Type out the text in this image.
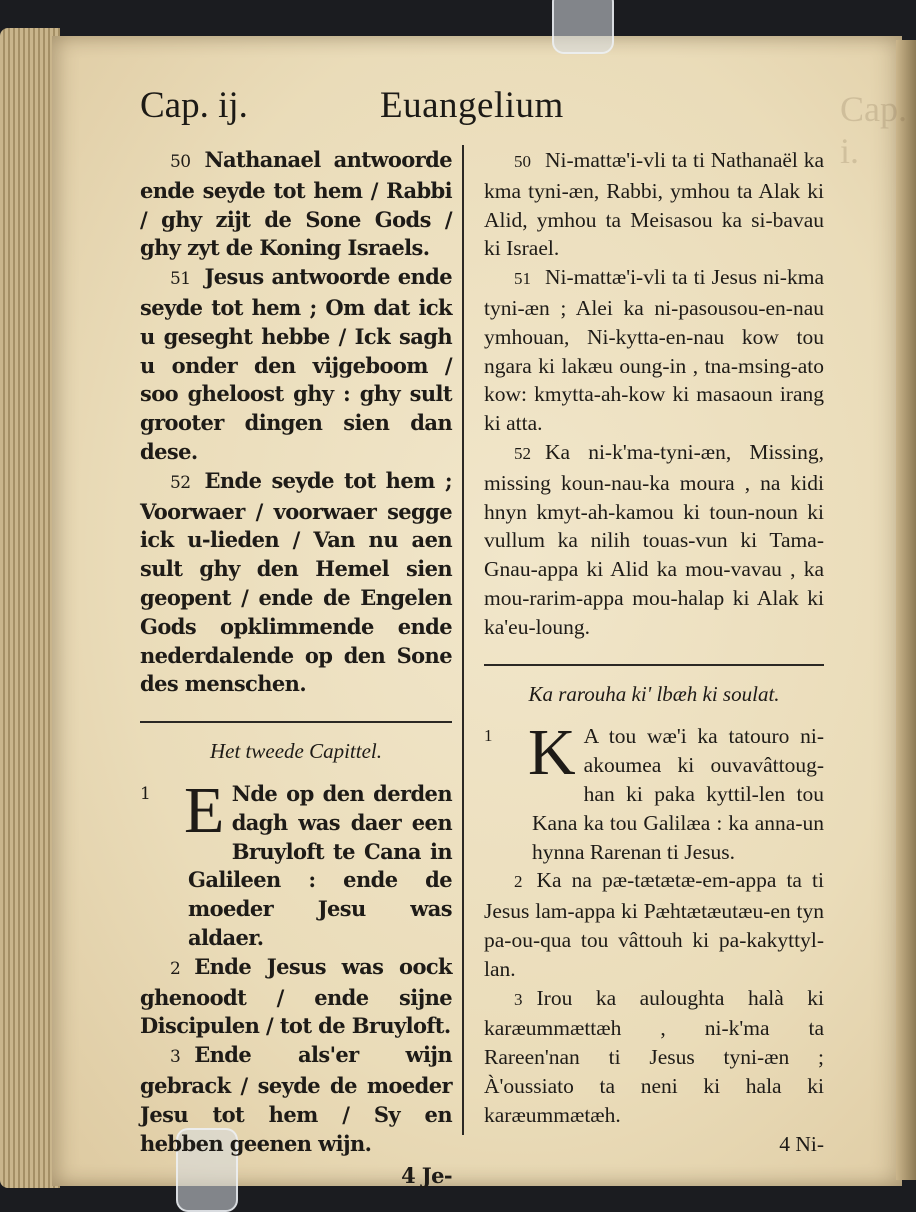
Cap. ij.	Euangelium	Cap. i.

50 Nathanael antwoorde ende seyde tot hem / Rabbi / ghy zijt de Sone Gods / ghy zyt de Koning Israels.

51 Jesus antwoorde ende seyde tot hem ; Om dat ick u geseght hebbe / Ick sagh u onder den vijgeboom / soo gheloost ghy : ghy sult grooter dingen sien dan dese.

52 Ende seyde tot hem ; Voorwaer / voorwaer segge ick u-lieden / Van nu aen sult ghy den Hemel sien geopent / ende de Engelen Gods opklimmende ende nederdalende op den Sone des menschen.

Het tweede Capittel.

1 E Nde op den derden dagh was daer een Bruyloft te Cana in Galileen : ende de moeder Jesu was aldaer.

2 Ende Jesus was oock ghenoodt / ende sijne Discipulen / tot de Bruyloft.

3 Ende als'er wijn gebrack / seyde de moeder Jesu tot hem / Sy en hebben geenen wijn.

4 Je-

50 Ni-mattæ'i-vli ta ti Nathanaël ka kma tyni-æn, Rabbi, ymhou ta Alak ki Alid, ymhou ta Meisasou ka si-bavau ki Israel.

51 Ni-mattæ'i-vli ta ti Jesus ni-kma tyni-æn ; Alei ka ni-pasousou-en-nau ymhouan, Ni-kytta-en-nau kow tou ngara ki lakæu oung-in , tna-msing-ato kow: kmytta-ah-kow ki masaoun irang ki atta.

52 Ka ni-k'ma-tyni-æn, Missing, missing koun-nau-ka moura , na kidi hnyn kmyt-ah-kamou ki toun-noun ki vullum ka nilih touas-vun ki Tama-Gnau-appa ki Alid ka mou-vavau , ka mou-rarim-appa mou-halap ki Alak ki ka'eu-loung.

Ka rarouha ki' lbæh ki soulat.

1 K A tou wæ'i ka tatouro ni-akoumea ki ouvavâttoug-han ki paka kyttil-len tou Kana ka tou Galilæa : ka anna-un hynna Rarenan ti Jesus.

2 Ka na pæ-tætætæ-em-appa ta ti Jesus lam-appa ki Pæhtætæutæu-en tyn pa-ou-qua tou vâttouh ki pa-kakyttyl-lan.

3 Irou ka auloughta halà ki karæummættæh , ni-k'ma ta Rareen'nan ti Jesus tyni-æn ; À'oussiato ta neni ki hala ki karæummætæh.

4 Ni-
